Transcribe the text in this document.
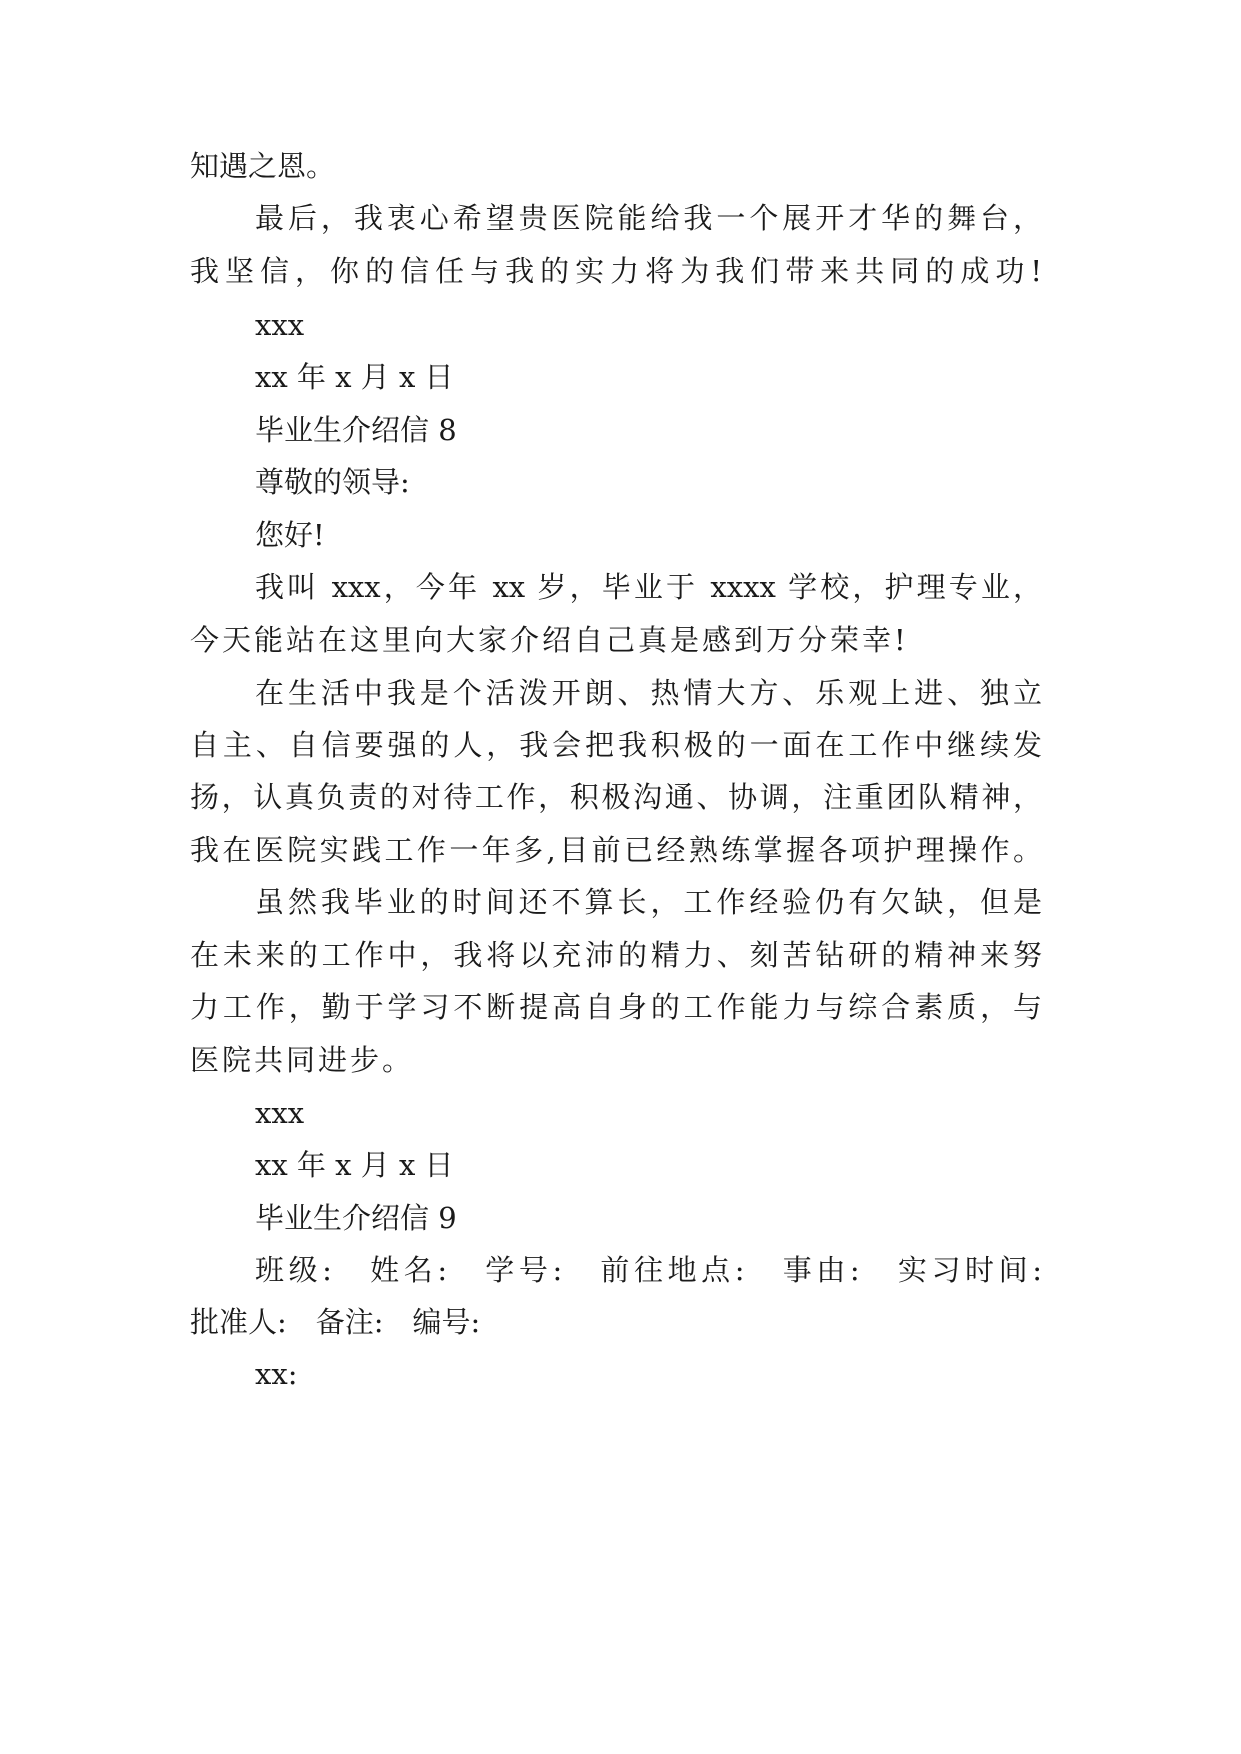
知遇之恩。
最后，我衷心希望贵医院能给我一个展开才华的舞台，
我坚信，你的信任与我的实力将为我们带来共同的成功!
xxx
xx 年 x 月 x 日
毕业生介绍信 8
尊敬的领导:
您好!
我叫 xxx，今年 xx 岁，毕业于 xxxx 学校，护理专业，
今天能站在这里向大家介绍自己真是感到万分荣幸!
在生活中我是个活泼开朗、热情大方、乐观上进、独立
自主、自信要强的人，我会把我积极的一面在工作中继续发
扬，认真负责的对待工作，积极沟通、协调，注重团队精神，
我在医院实践工作一年多,目前已经熟练掌握各项护理操作。
虽然我毕业的时间还不算长，工作经验仍有欠缺，但是
在未来的工作中，我将以充沛的精力、刻苦钻研的精神来努
力工作，勤于学习不断提高自身的工作能力与综合素质，与
医院共同进步。
xxx
xx 年 x 月 x 日
毕业生介绍信 9
班级:　姓名:　学号:　前往地点:　事由:　实习时间:
批准人:　备注:　编号:
xx:
